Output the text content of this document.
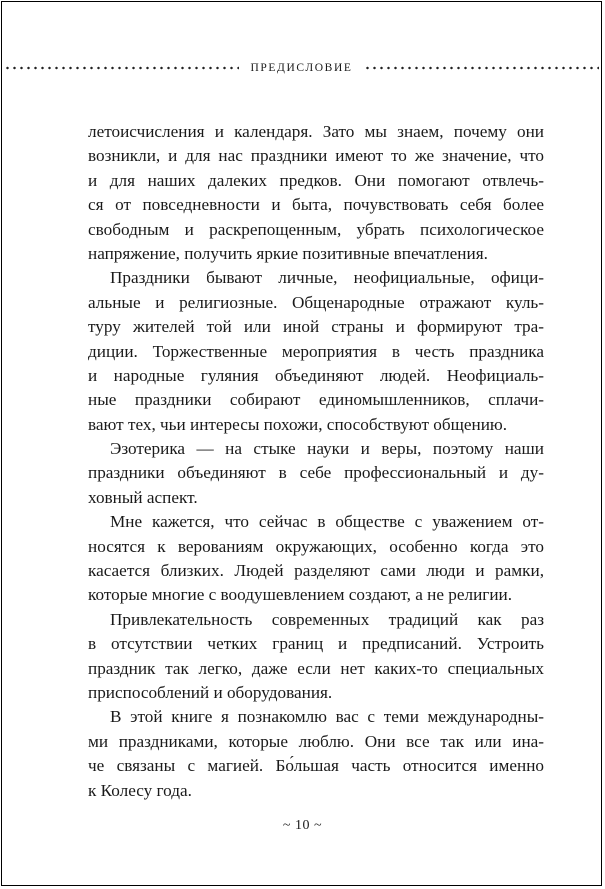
ПРЕДИСЛОВИЕ
летоисчисления и календаря. Зато мы знаем, почему они
возникли, и для нас праздники имеют то же значение, что
и для наших далеких предков. Они помогают отвлечь-
ся от повседневности и быта, почувствовать себя более
свободным и раскрепощенным, убрать психологическое
напряжение, получить яркие позитивные впечатления.
Праздники бывают личные, неофициальные, офици-
альные и религиозные. Общенародные отражают куль-
туру жителей той или иной страны и формируют тра-
диции. Торжественные мероприятия в честь праздника
и народные гуляния объединяют людей. Неофициаль-
ные праздники собирают единомышленников, сплачи-
вают тех, чьи интересы похожи, способствуют общению.
Эзотерика — на стыке науки и веры, поэтому наши
праздники объединяют в себе профессиональный и ду-
ховный аспект.
Мне кажется, что сейчас в обществе с уважением от-
носятся к верованиям окружающих, особенно когда это
касается близких. Людей разделяют сами люди и рамки,
которые многие с воодушевлением создают, а не религии.
Привлекательность современных традиций как раз
в отсутствии четких границ и предписаний. Устроить
праздник так легко, даже если нет каких-то специальных
приспособлений и оборудования.
В этой книге я познакомлю вас с теми международны-
ми праздниками, которые люблю. Они все так или ина-
че связаны с магией. Бо́льшая часть относится именно
к Колесу года.
~ 10 ~
